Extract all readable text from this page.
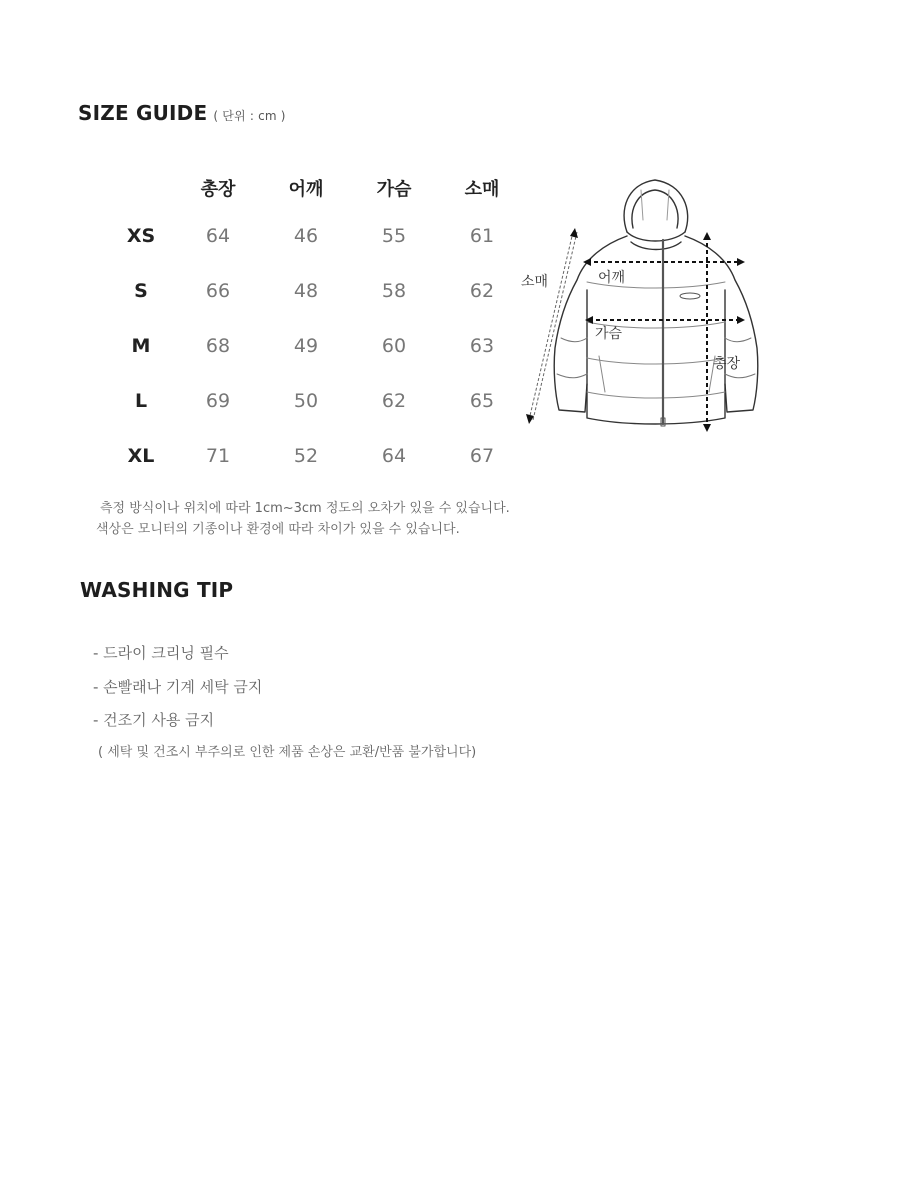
SIZE GUIDE ( 단위 : cm )
	총장	어깨	가슴	소매
XS	64	46	55	61
S	66	48	58	62
M	68	49	60	63
L	69	50	62	65
XL	71	52	64	67
소매	어깨
가슴
총장
측정 방식이나 위치에 따라 1cm~3cm 정도의 오차가 있을 수 있습니다.
색상은 모니터의 기종이나 환경에 따라 차이가 있을 수 있습니다.
WASHING TIP
- 드라이 크리닝 필수
- 손빨래나 기계 세탁 금지
- 건조기 사용 금지
( 세탁 및 건조시 부주의로 인한 제품 손상은 교환/반품 불가합니다)
